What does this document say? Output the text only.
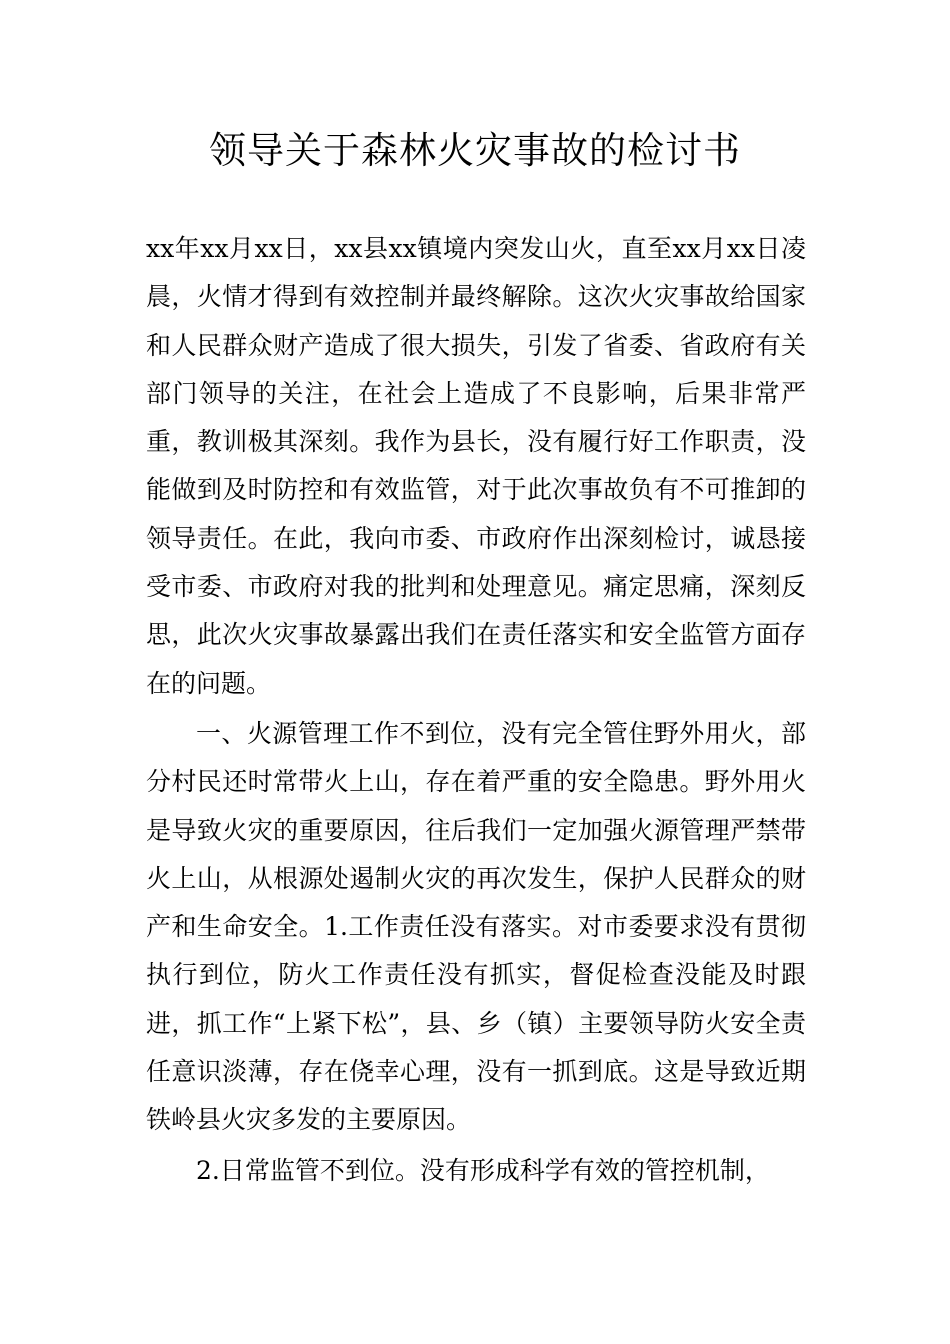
领导关于森林火灾事故的检讨书

xx年xx月xx日，xx县xx镇境内突发山火，直至xx月xx日凌晨，火情才得到有效控制并最终解除。这次火灾事故给国家和人民群众财产造成了很大损失，引发了省委、省政府有关部门领导的关注，在社会上造成了不良影响，后果非常严重，教训极其深刻。我作为县长，没有履行好工作职责，没能做到及时防控和有效监管，对于此次事故负有不可推卸的领导责任。在此，我向市委、市政府作出深刻检讨，诚恳接受市委、市政府对我的批判和处理意见。痛定思痛，深刻反思，此次火灾事故暴露出我们在责任落实和安全监管方面存在的问题。

一、火源管理工作不到位，没有完全管住野外用火，部分村民还时常带火上山，存在着严重的安全隐患。野外用火是导致火灾的重要原因，往后我们一定加强火源管理严禁带火上山，从根源处遏制火灾的再次发生，保护人民群众的财产和生命安全。1.工作责任没有落实。对市委要求没有贯彻执行到位，防火工作责任没有抓实，督促检查没能及时跟进，抓工作“上紧下松”，县、乡（镇）主要领导防火安全责任意识淡薄，存在侥幸心理，没有一抓到底。这是导致近期铁岭县火灾多发的主要原因。

2.日常监管不到位。没有形成科学有效的管控机制，
